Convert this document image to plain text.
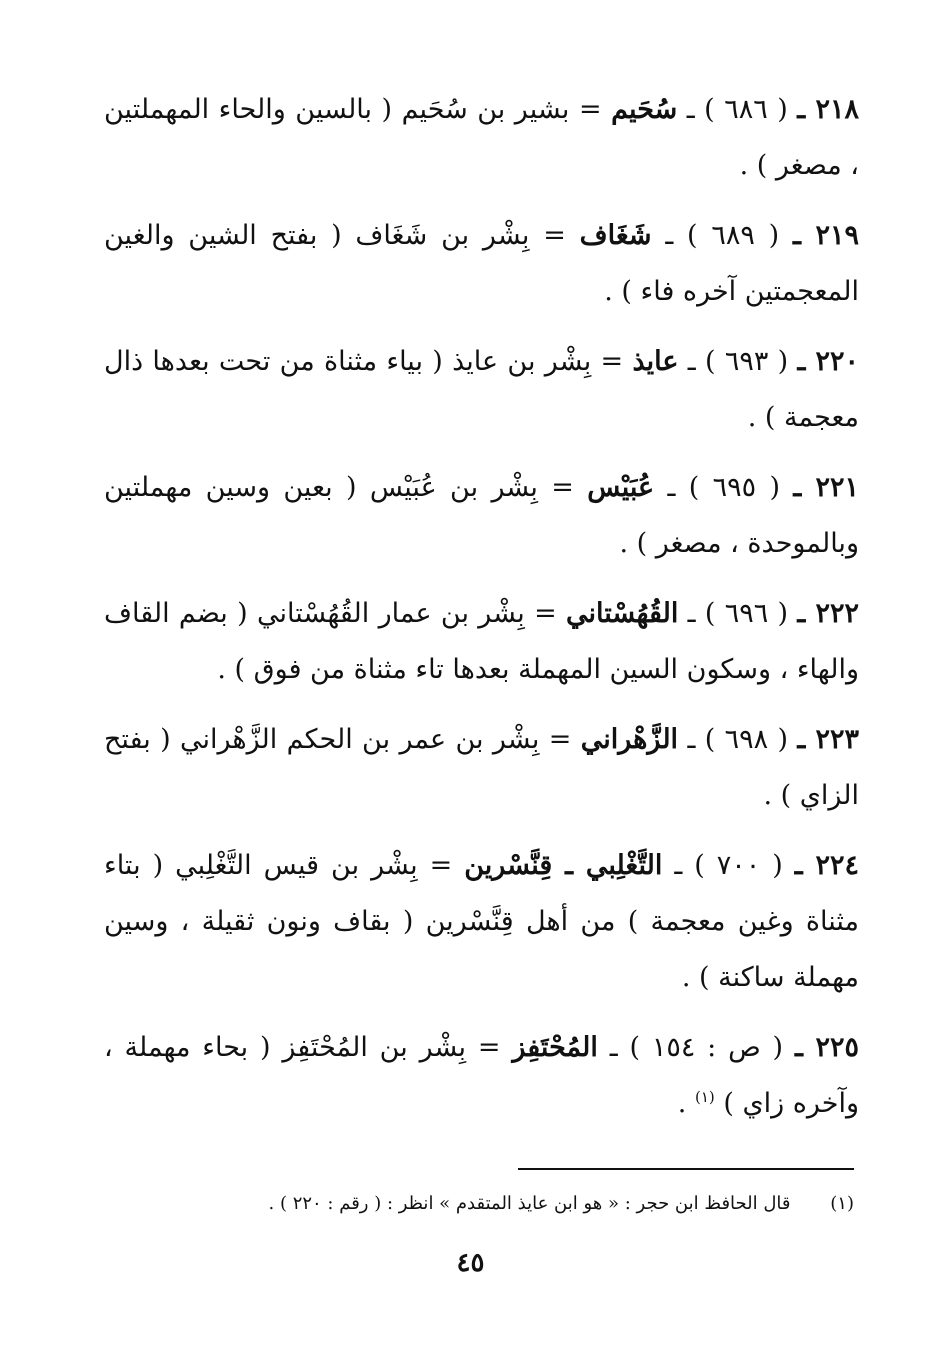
٢١٨ ـ ( ٦٨٦ ) ـ سُحَيم = بشير بن سُحَيم ( بالسين والحاء المهملتين ، مصغر ) .

٢١٩ ـ ( ٦٨٩ ) ـ شَغَاف = بِشْر بن شَغَاف ( بفتح الشين والغين المعجمتين آخره فاء ) .

٢٢٠ ـ ( ٦٩٣ ) ـ عايذ = بِشْر بن عايذ ( بياء مثناة من تحت بعدها ذال معجمة ) .

٢٢١ ـ ( ٦٩٥ ) ـ عُبَيْس = بِشْر بن عُبَيْس ( بعين وسين مهملتين وبالموحدة ، مصغر ) .

٢٢٢ ـ ( ٦٩٦ ) ـ القُهُسْتاني = بِشْر بن عمار القُهُسْتاني ( بضم القاف والهاء ، وسكون السين المهملة بعدها تاء مثناة من فوق ) .

٢٢٣ ـ ( ٦٩٨ ) ـ الزَّهْراني = بِشْر بن عمر بن الحكم الزَّهْراني ( بفتح الزاي ) .

٢٢٤ ـ ( ٧٠٠ ) ـ التَّغْلِبي ـ قِنَّسْرين = بِشْر بن قيس التَّغْلِبي ( بتاء مثناة وغين معجمة ) من أهل قِنَّسْرين ( بقاف ونون ثقيلة ، وسين مهملة ساكنة ) .

٢٢٥ ـ ( ص : ١٥٤ ) ـ المُحْتَفِز = بِشْر بن المُحْتَفِز ( بحاء مهملة ، وآخره زاي ) $^{(١)}$ .

(١) قال الحافظ ابن حجر : « هو ابن عايذ المتقدم » انظر : ( رقم : ٢٢٠ ) .
٤٥
